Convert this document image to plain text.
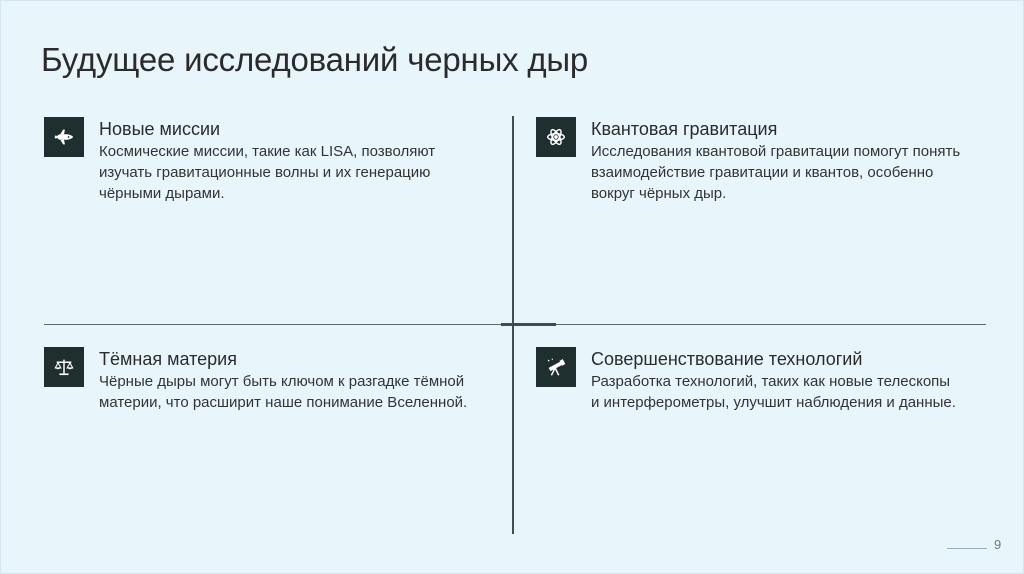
Будущее исследований черных дыр
Новые миссии
Космические миссии, такие как LISA, позволяют изучать гравитационные волны и их генерацию чёрными дырами.
Квантовая гравитация
Исследования квантовой гравитации помогут понять взаимодействие гравитации и квантов, особенно вокруг чёрных дыр.
Тёмная материя
Чёрные дыры могут быть ключом к разгадке тёмной материи, что расширит наше понимание Вселенной.
Совершенствование технологий
Разработка технологий, таких как новые телескопы и интерферометры, улучшит наблюдения и данные.
9
